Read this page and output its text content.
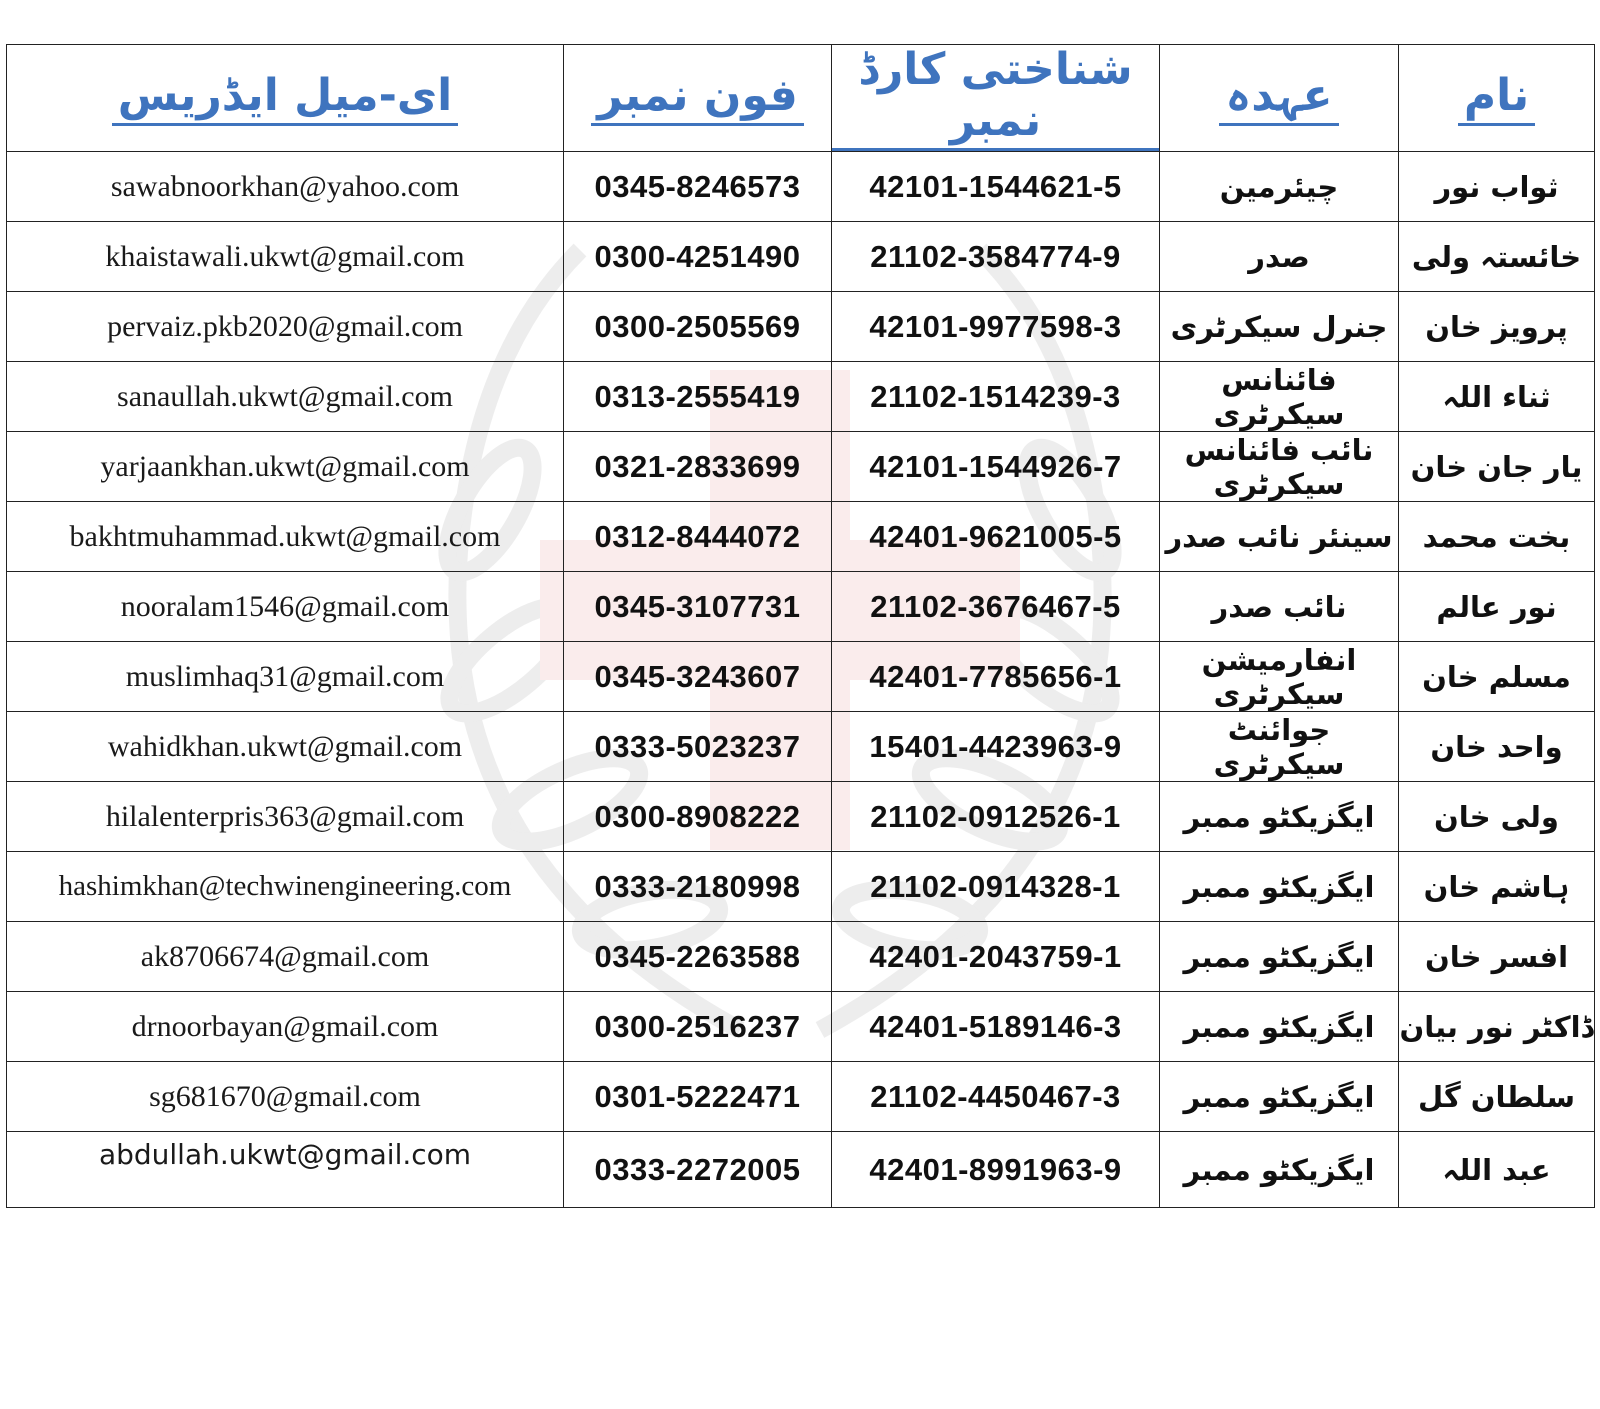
ای-میل ایڈریس	فون نمبر	شناختی کارڈ نمبر	عہدہ	نام
sawabnoorkhan@yahoo.com	0345-8246573	42101-1544621-5	چیئرمین	ثواب نور
khaistawali.ukwt@gmail.com	0300-4251490	21102-3584774-9	صدر	خائستہ ولی
pervaiz.pkb2020@gmail.com	0300-2505569	42101-9977598-3	جنرل سیکرٹری	پرویز خان
sanaullah.ukwt@gmail.com	0313-2555419	21102-1514239-3	فائنانس سیکرٹری	ثناء اللہ
yarjaankhan.ukwt@gmail.com	0321-2833699	42101-1544926-7	نائب فائنانس سیکرٹری	یار جان خان
bakhtmuhammad.ukwt@gmail.com	0312-8444072	42401-9621005-5	سینئر نائب صدر	بخت محمد
nooralam1546@gmail.com	0345-3107731	21102-3676467-5	نائب صدر	نور عالم
muslimhaq31@gmail.com	0345-3243607	42401-7785656-1	انفارمیشن سیکرٹری	مسلم خان
wahidkhan.ukwt@gmail.com	0333-5023237	15401-4423963-9	جوائنٹ سیکرٹری	واحد خان
hilalenterpris363@gmail.com	0300-8908222	21102-0912526-1	ایگزیکٹو ممبر	ولی خان
hashimkhan@techwinengineering.com	0333-2180998	21102-0914328-1	ایگزیکٹو ممبر	ہاشم خان
ak8706674@gmail.com	0345-2263588	42401-2043759-1	ایگزیکٹو ممبر	افسر خان
drnoorbayan@gmail.com	0300-2516237	42401-5189146-3	ایگزیکٹو ممبر	ڈاکٹر نور بیان
sg681670@gmail.com	0301-5222471	21102-4450467-3	ایگزیکٹو ممبر	سلطان گل
abdullah.ukwt@gmail.com	0333-2272005	42401-8991963-9	ایگزیکٹو ممبر	عبد اللہ
